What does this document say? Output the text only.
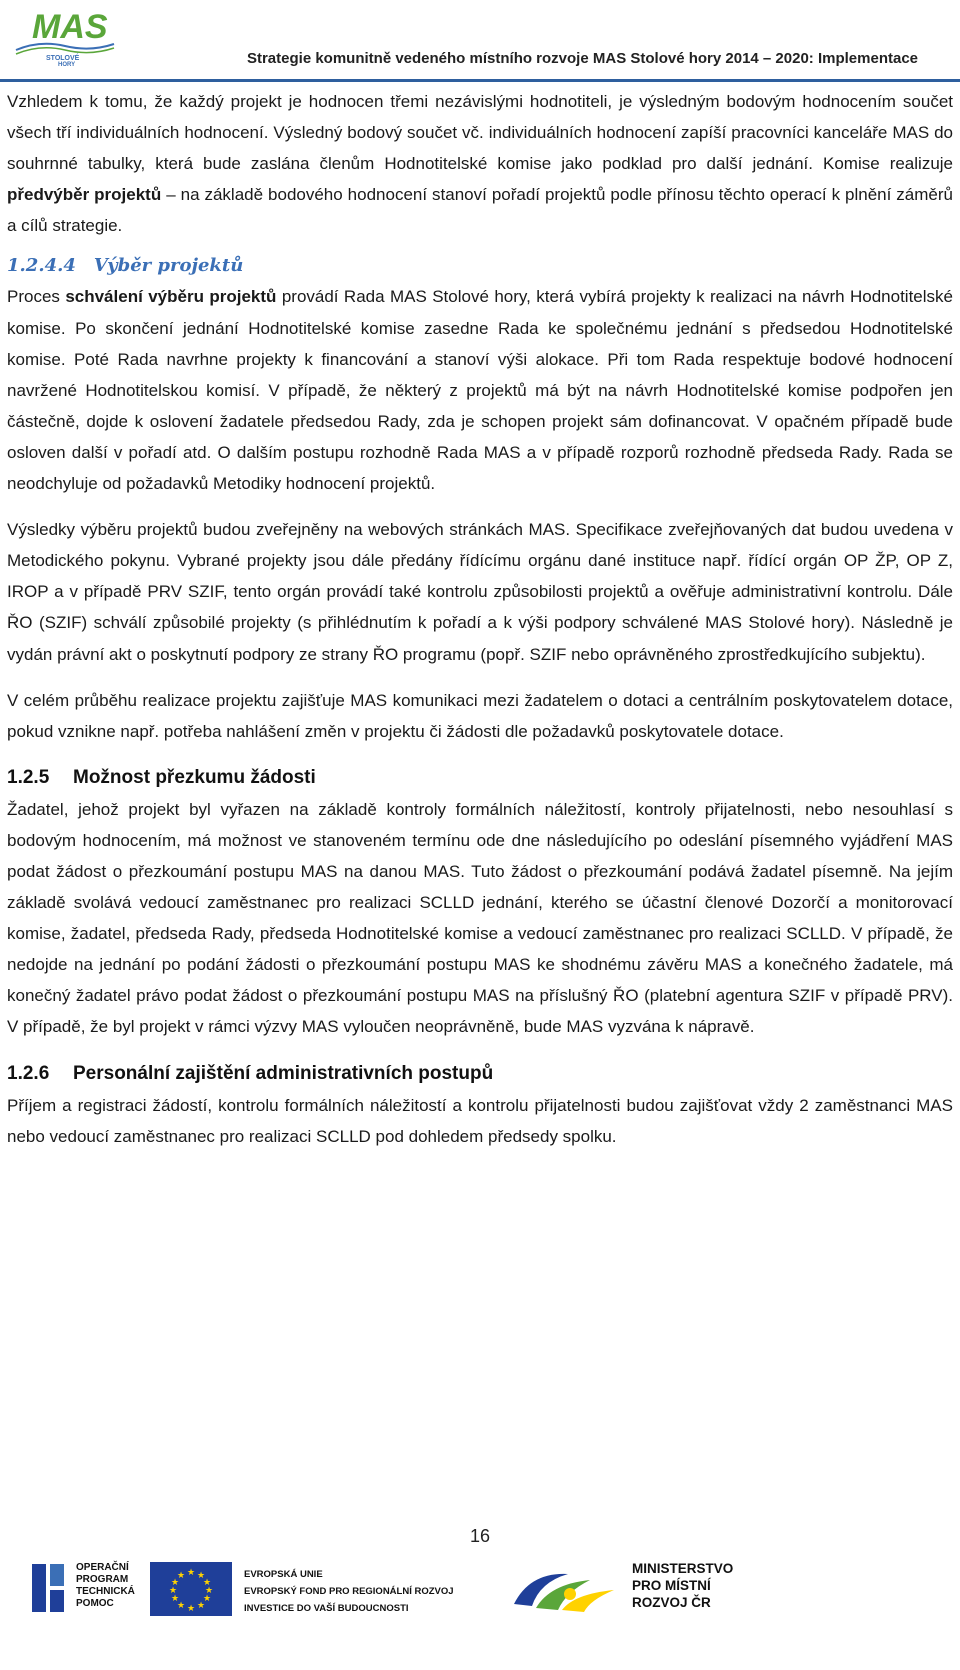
MAS
STOLOVÉ
HORY	Strategie komunitně vedeného místního rozvoje MAS Stolové hory 2014 – 2020: Implementace

Vzhledem k tomu, že každý projekt je hodnocen třemi nezávislými hodnotiteli, je výsledným bodovým hodnocením součet všech tří individuálních hodnocení. Výsledný bodový součet vč. individuálních hodnocení zapíší pracovníci kanceláře MAS do souhrnné tabulky, která bude zaslána členům Hodnotitelské komise jako podklad pro další jednání. Komise realizuje předvýběr projektů – na základě bodového hodnocení stanoví pořadí projektů podle přínosu těchto operací k plnění záměrů a cílů strategie.

1.2.4.4 Výběr projektů

Proces schválení výběru projektů provádí Rada MAS Stolové hory, která vybírá projekty k realizaci na návrh Hodnotitelské komise. Po skončení jednání Hodnotitelské komise zasedne Rada ke společnému jednání s předsedou Hodnotitelské komise. Poté Rada navrhne projekty k financování a stanoví výši alokace. Při tom Rada respektuje bodové hodnocení navržené Hodnotitelskou komisí. V případě, že některý z projektů má být na návrh Hodnotitelské komise podpořen jen částečně, dojde k oslovení žadatele předsedou Rady, zda je schopen projekt sám dofinancovat. V opačném případě bude osloven další v pořadí atd. O dalším postupu rozhodně Rada MAS a v případě rozporů rozhodně předseda Rady. Rada se neodchyluje od požadavků Metodiky hodnocení projektů.

Výsledky výběru projektů budou zveřejněny na webových stránkách MAS. Specifikace zveřejňovaných dat budou uvedena v Metodického pokynu. Vybrané projekty jsou dále předány řídícímu orgánu dané instituce např. řídící orgán OP ŽP, OP Z, IROP a v případě PRV SZIF, tento orgán provádí také kontrolu způsobilosti projektů a ověřuje administrativní kontrolu. Dále ŘO (SZIF) schválí způsobilé projekty (s přihlédnutím k pořadí a k výši podpory schválené MAS Stolové hory). Následně je vydán právní akt o poskytnutí podpory ze strany ŘO programu (popř. SZIF nebo oprávněného zprostředkujícího subjektu).

V celém průběhu realizace projektu zajišťuje MAS komunikaci mezi žadatelem o dotaci a centrálním poskytovatelem dotace, pokud vznikne např. potřeba nahlášení změn v projektu či žádosti dle požadavků poskytovatele dotace.

1.2.5 Možnost přezkumu žádosti

Žadatel, jehož projekt byl vyřazen na základě kontroly formálních náležitostí, kontroly přijatelnosti, nebo nesouhlasí s bodovým hodnocením, má možnost ve stanoveném termínu ode dne následujícího po odeslání písemného vyjádření MAS podat žádost o přezkoumání postupu MAS na danou MAS. Tuto žádost o přezkoumání podává žadatel písemně. Na jejím základě svolává vedoucí zaměstnanec pro realizaci SCLLD jednání, kterého se účastní členové Dozorčí a monitorovací komise, žadatel, předseda Rady, předseda Hodnotitelské komise a vedoucí zaměstnanec pro realizaci SCLLD. V případě, že nedojde na jednání po podání žádosti o přezkoumání postupu MAS ke shodnému závěru MAS a konečného žadatele, má konečný žadatel právo podat žádost o přezkoumání postupu MAS na příslušný ŘO (platební agentura SZIF v případě PRV). V případě, že byl projekt v rámci výzvy MAS vyloučen neoprávněně, bude MAS vyzvána k nápravě.

1.2.6 Personální zajištění administrativních postupů

Příjem a registraci žádostí, kontrolu formálních náležitostí a kontrolu přijatelnosti budou zajišťovat vždy 2 zaměstnanci MAS nebo vedoucí zaměstnanec pro realizaci SCLLD pod dohledem předsedy spolku.

16
OPERAČNÍ
PROGRAM
TECHNICKÁ
POMOC
★ ★
★
★
★
★
★
★
★
★
★
★	EVROPSKÁ UNIE
EVROPSKÝ FOND PRO REGIONÁLNÍ ROZVOJ
INVESTICE DO VAŠÍ BUDOUCNOSTI
MINISTERSTVO
PRO MÍSTNÍ
ROZVOJ ČR
